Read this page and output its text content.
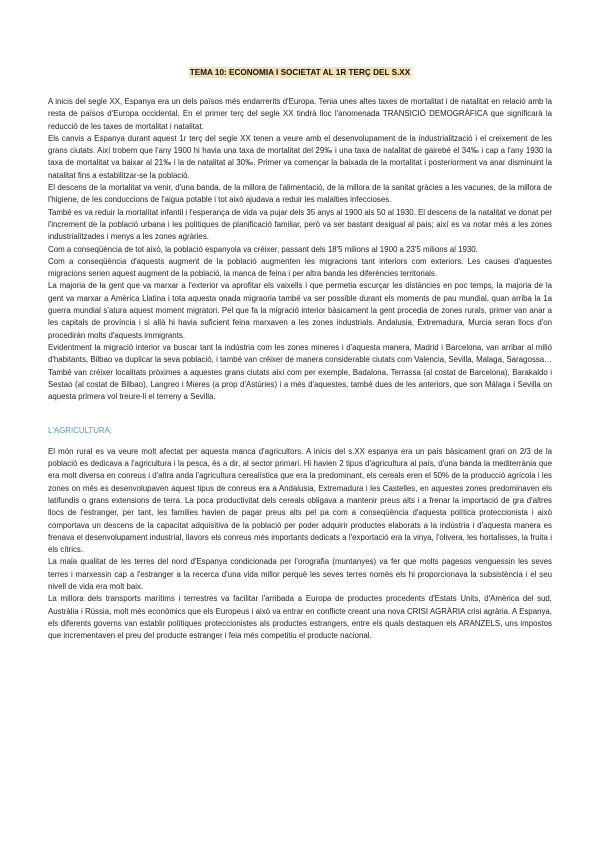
TEMA 10: ECONOMIA I SOCIETAT AL 1R TERÇ DEL S.XX

A inicis del segle XX, Espanya era un dels països més endarrerits d'Europa. Tenia unes altes taxes de mortalitat i de natalitat en relació amb la resta de països d'Europa occidental. En el primer terç del segle XX tindrà lloc l'anomenada TRANSICIÓ DEMOGRÀFICA que significarà la reducció de les taxes de mortalitat i natalitat.

Els canvis a Espanya durant aquest 1r terç del segle XX tenen a veure amb el desenvolupament de la industrialització i el creixement de les grans ciutats. Així trobem que l'any 1900 hi havia una taxa de mortalitat del 29‰ i una taxa de natalitat de gairebé el 34‰ i cap a l'any 1930 la taxa de mortalitat va baixar al 21‰ i la de natalitat al 30‰. Primer va començar la baixada de la mortalitat i posteriorment va anar disminuint la natalitat fins a estabilitzar-se la població.

El descens de la mortalitat va venir, d'una banda, de la millora de l'alimentació, de la millora de la sanitat gràcies a les vacunes, de la millora de l'higiene, de les conduccions de l'aigua potable i tot això ajudava a reduir les malalties infeccioses.

També es va reduir la mortalitat infantil i l'esperança de vida va pujar dels 35 anys al 1900 als 50 al 1930. El descens de la natalitat ve donat per l'increment de la població urbana i les polítiques de planificació familiar, però va ser bastant desigual al país; així es va notar més a les zones industrialitzades i menys a les zones agràries.

Com a conseqüència de tot això, la població espanyola va créixer, passant dels 18'5 milions al 1900 a 23'5 milions al 1930.

Com a conseqüència d'aquests augment de la població augmenten les migracions tant interiors com exteriors. Les causes d'aquestes migracions serien aquest augment de la població, la manca de feina i per altra banda les diferències territorials.

La majoria de la gent que va marxar a l'exterior va aprofitar els vaixells i que permetia escurçar les distàncies en poc temps, la majoria de la gent va marxar a Amèrica Llatina i tota aquesta onada migraoria també va ser possible durant els moments de pau mundial, quan arriba la 1a guerra mundial s'atura aquest moment migratori. Pel que fa la migració interior bàsicament la gent procedia de zones rurals, primer van anar a les capitals de província i si allà hi havia suficient feina marxaven a les zones industrials. Andalusia, Extremadura, Murcia seran llocs d'on procediràn molts d'aquests immigrants.

Evidentment la migració interior va buscar tant la indústria com les zones mineres i d'aquesta manera, Madrid i Barcelona, van arribar al milió d'habitants, Bilbao va duplicar la seva població, i també van créixer de manera considerable ciutats com Valencia, Sevilla, Malaga, Saragossa… També van créixer localitats pròximes a aquestes grans ciutats així com per exemple, Badalona, Terrassa (al costat de Barcelona), Barakaldo i Sestao (al costat de Bilbao), Langreo i Mieres (a prop d'Astúries) i a més d'aquestes, també dues de les anteriors, que son Málaga i Sevilla on aquesta primera vol treure-li el terreny a Sevilla.

L'AGRICULTURA:

El món rural es va veure molt afectat per aquesta manca d'agricultors. A inicis del s.XX espanya era un país bàsicament grari on 2/3 de la població es dedicava a l'agricultura i la pesca, és a dir, al sector primari. Hi havien 2 tipus d'agricultura al país, d'una banda la mediterrània que era molt diversa en conreus i d'altra anda l'agricultura cerealística que era la predominant, els cereals eren el 50% de la producció agrícola i les zones on més es desenvolupaven aquest tipus de conreus era a Andalusia, Extremadura i les Castelles, en aquestes zones predominaven els latifundis o grans extensions de terra. La poca productivitat dels cereals obligava a mantenir preus alts i a frenar la importació de gra d'altres llocs de l'estranger, per tant, les families havien de pagar preus alts pel pa com a conseqüència d'aquesta política proteccionista i això comportava un descens de la capacitat adquisitiva de la població per poder adquirir productes elaborats a la indústria i d'aquesta manera es frenava el desenvolupament industrial, llavors els conreus més importants dedicats a l'exportació era la vinya, l'olivera, les hortalisses, la fruita i els cítrics.

La mala qualitat de les terres del nord d'Espanya condicionada per l'orografia (muntanyes) va fer que molts pagesos venguessin les seves terres i marxessin cap a l'estranger a la recerca d'una vida millor perquè les seves terres només els hi proporcionava la subsistència i el seu nivell de vida era molt baix.

La millora dels transports marítims i terrestres va facilitar l'arribada a Europa de productes procedents d'Estats Units, d'Amèrica del sud, Austràlia i Rússia, molt més econòmics que els Europeus i això va entrar en conflicte creant una nova CRISI AGRÀRIA crisi agrària. A Espanya, els diferents governs van establir polítiques proteccionistes als productes estrangers, entre els quals destaquen els ARANZELS, uns impostos que incrementaven el preu del producte estranger i feia més competitiu el producte nacional.
